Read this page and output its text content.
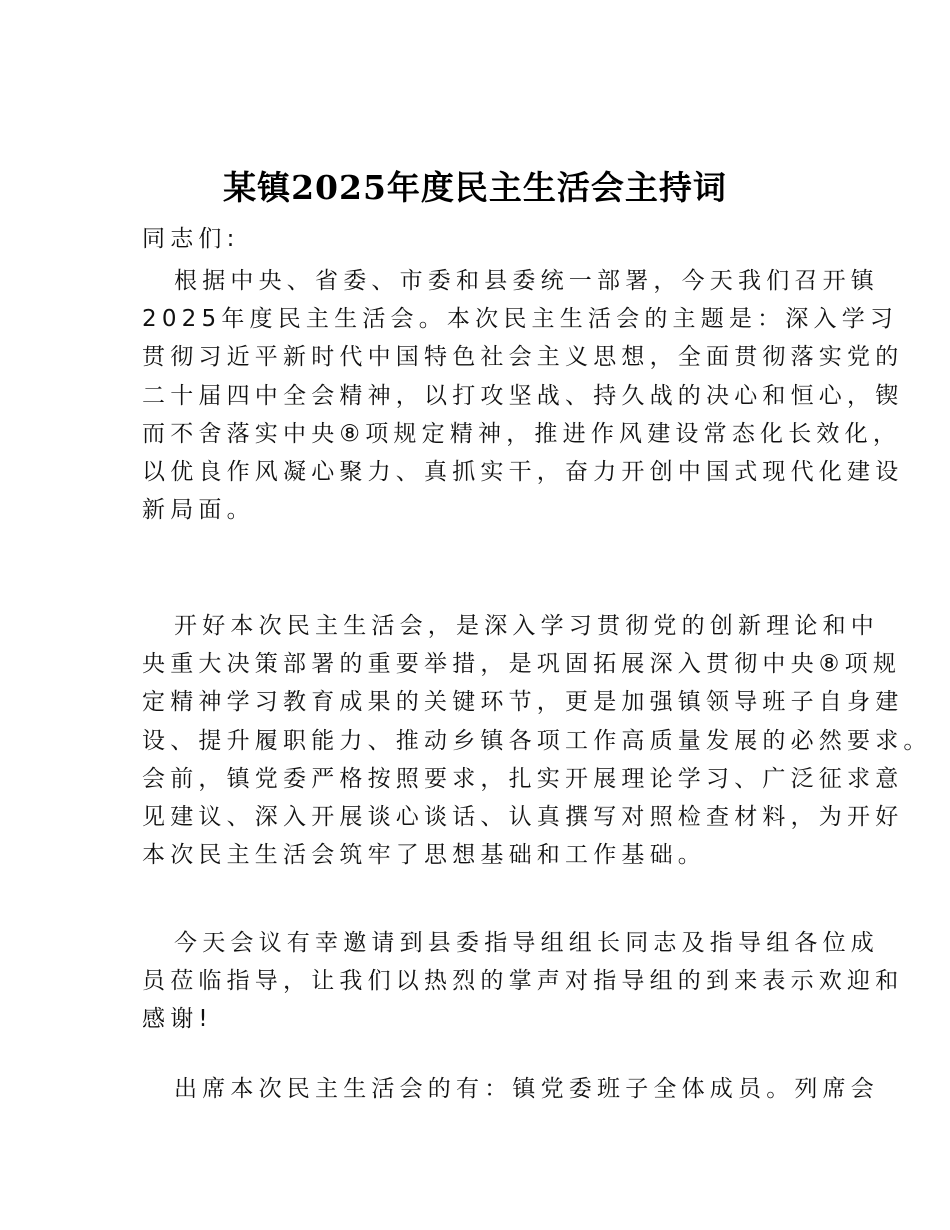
某镇2025年度民主生活会主持词
同志们:
根据中央、省委、市委和县委统一部署，今天我们召开镇
2025年度民主生活会。本次民主生活会的主题是：深入学习
贯彻习近平新时代中国特色社会主义思想，全面贯彻落实党的
二十届四中全会精神，以打攻坚战、持久战的决心和恒心，锲
而不舍落实中央⑧项规定精神，推进作风建设常态化长效化，
以优良作风凝心聚力、真抓实干，奋力开创中国式现代化建设
新局面。
开好本次民主生活会，是深入学习贯彻党的创新理论和中
央重大决策部署的重要举措，是巩固拓展深入贯彻中央⑧项规
定精神学习教育成果的关键环节，更是加强镇领导班子自身建
设、提升履职能力、推动乡镇各项工作高质量发展的必然要求。
会前，镇党委严格按照要求，扎实开展理论学习、广泛征求意
见建议、深入开展谈心谈话、认真撰写对照检查材料，为开好
本次民主生活会筑牢了思想基础和工作基础。
今天会议有幸邀请到县委指导组组长同志及指导组各位成
员莅临指导，让我们以热烈的掌声对指导组的到来表示欢迎和
感谢!
出席本次民主生活会的有：镇党委班子全体成员。列席会
